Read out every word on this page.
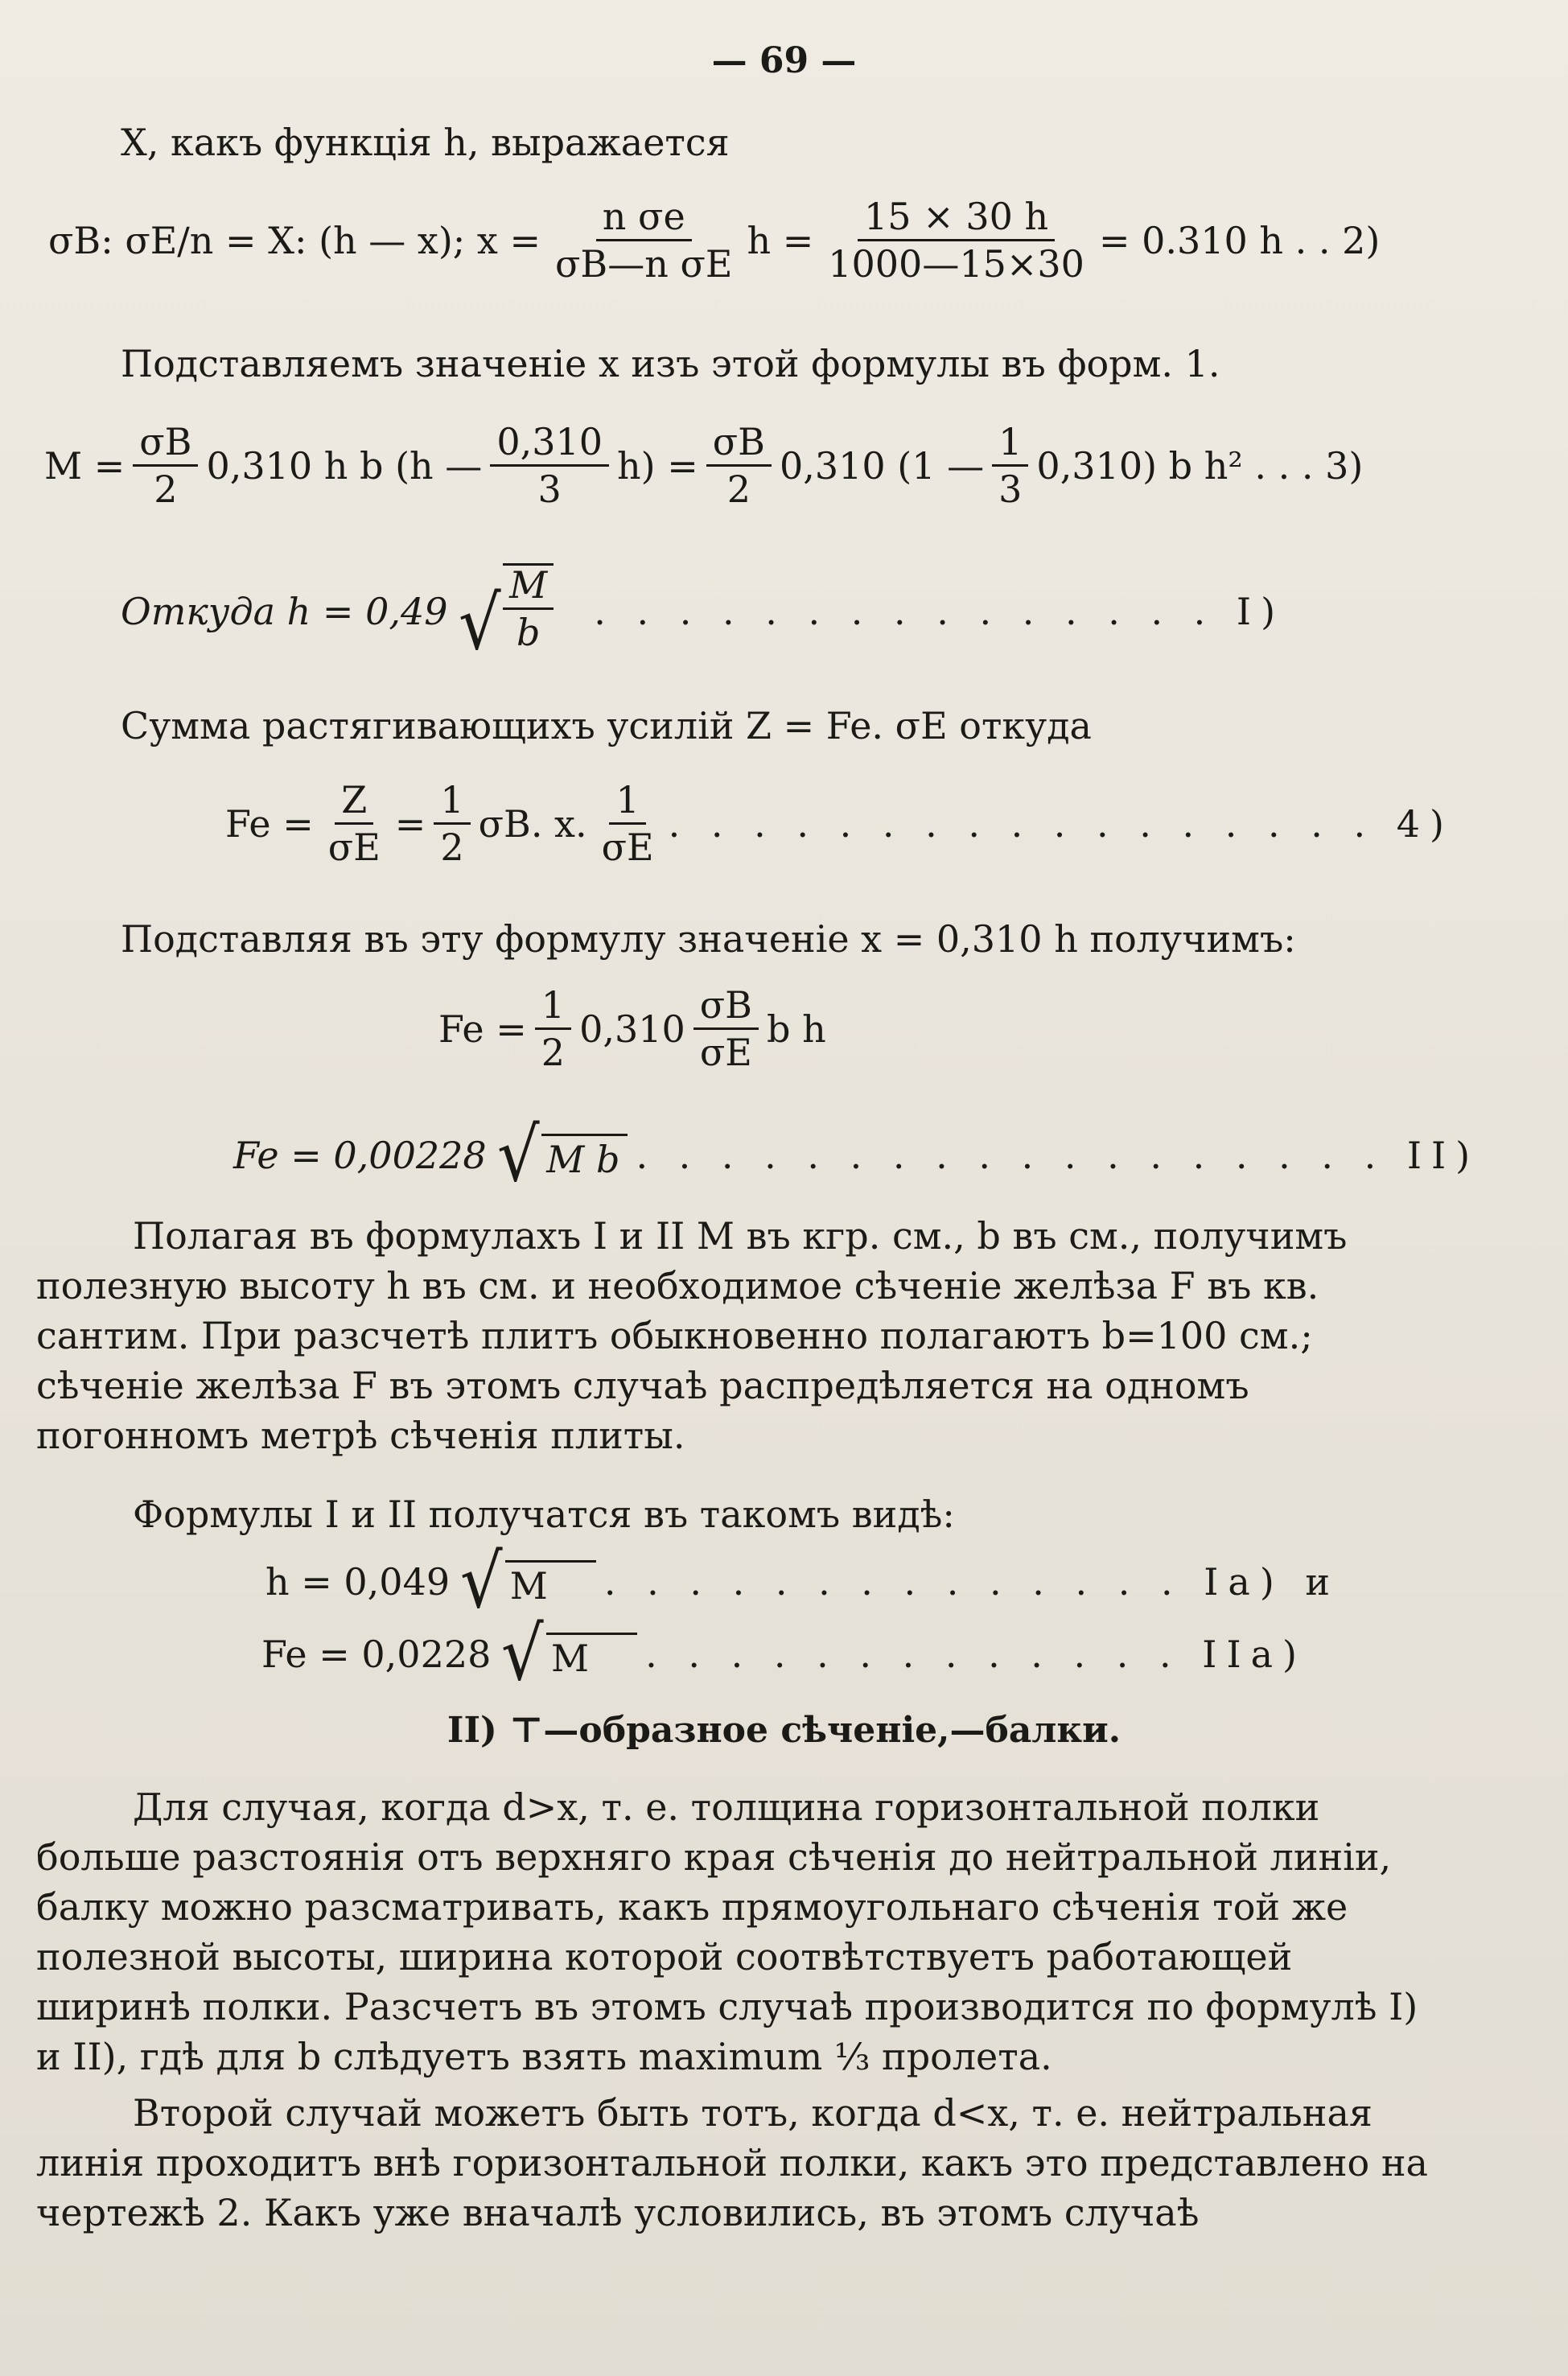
— 69 —
X, какъ функція h, выражается
σB: σE/n = X: (h — x); $x = \frac{\text{n σe}}{\text{σB—n σE}}$ $h = \frac{15 \times 30 h}{1000—15\times 30} = 0.310$ h . . 2)
Подставляемъ значеніе x изъ этой формулы въ форм. 1.
$M = \frac{\sigma B}{2} 0,310$ h b (h — $\frac{0,310}{3} h) = \frac{\sigma B}{2} 0,310$ (1 — $\frac{1}{3} 0,310$) b h² . . . 3)
Откуда h = 0,49 √ $\frac{M}{b}$ . . . . . . . . . . . . . . . I)
Сумма растягивающихъ усилій Z = Fe. σE откуда
$Fe = \frac{Z}{\sigma E} = \frac{1}{2} \sigma B$. x. $\frac{1}{\sigma E}$ . . . . . . . . . . . . . . . . . 4)
Подставляя въ эту формулу значеніе x = 0,310 h получимъ:
$Fe = \frac{1}{2} 0,310 \frac{\sigma B}{\sigma E}$ b h
Fe = 0,00228 √ M b . . . . . . . . . . . . . . . . . . II)
Полагая въ формулахъ I и II M въ кгр. см., b въ см., получимъ полезную высоту h въ см. и необходимое сѣченіе желѣза F въ кв. сантим. При разсчетѣ плитъ обыкновенно полагаютъ b=100 см.; сѣченіе желѣза F въ этомъ случаѣ распредѣляется на одномъ погонномъ метрѣ сѣченія плиты.
Формулы I и II получатся въ такомъ видѣ:
h = 0,049 √ M	. . . . . . . . . . . . . . Ia) и
Fe = 0,0228 √ M	. . . . . . . . . . . . . IIa)
II) ⊤—образное сѣченіе,—балки.
Для случая, когда d>x, т. е. толщина горизонтальной полки больше разстоянія отъ верхняго края сѣченія до нейтральной линіи, балку можно разсматривать, какъ прямоугольнаго сѣченія той же полезной высоты, ширина которой соотвѣтствуетъ работающей ширинѣ полки. Разсчетъ въ этомъ случаѣ производится по формулѣ I) и II), гдѣ для b слѣдуетъ взять maximum ⅓ пролета.
Второй случай можетъ быть тотъ, когда d<x, т. е. нейтральная линія проходитъ внѣ горизонтальной полки, какъ это представлено на чертежѣ 2. Какъ уже вначалѣ условились, въ этомъ случаѣ
